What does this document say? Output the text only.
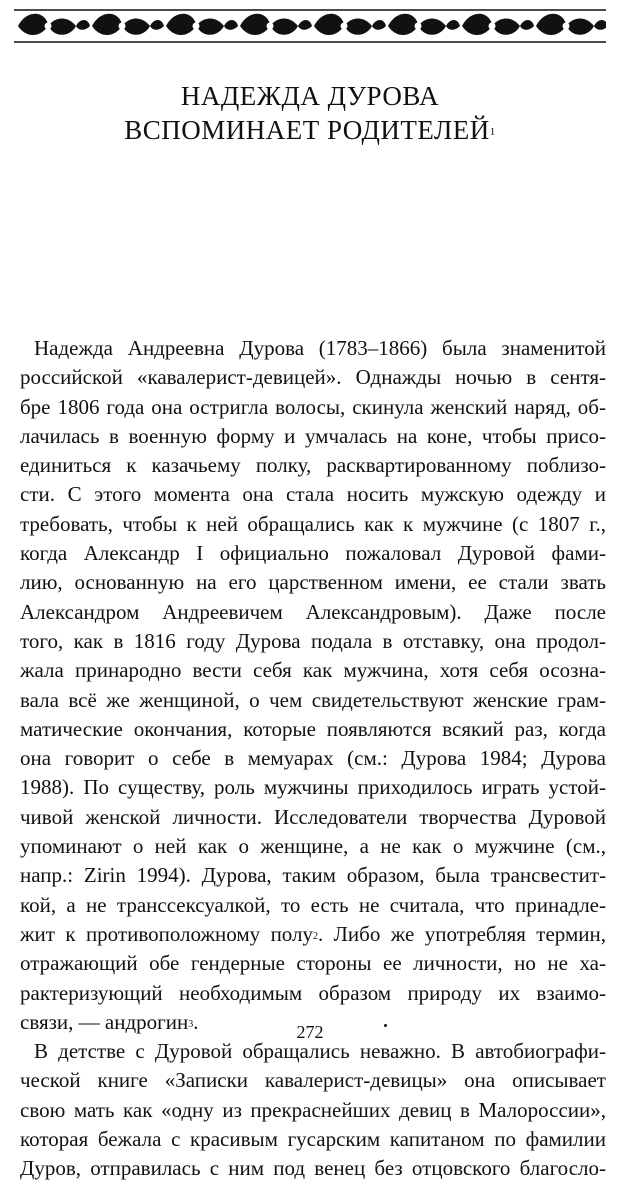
НАДЕЖДА ДУРОВА
ВСПОМИНАЕТ РОДИТЕЛЕЙ$^1$
Надежда Андреевна Дурова (1783–1866) была знаменитой
российской «кавалерист-девицей». Однажды ночью в сентя-
бре 1806 года она остригла волосы, скинула женский наряд, об-
лачилась в военную форму и умчалась на коне, чтобы присо-
единиться к казачьему полку, расквартированному поблизо-
сти. С этого момента она стала носить мужскую одежду и
требовать, чтобы к ней обращались как к мужчине (с 1807 г.,
когда Александр I официально пожаловал Дуровой фами-
лию, основанную на его царственном имени, ее стали звать
Александром Андреевичем Александровым). Даже после
того, как в 1816 году Дурова подала в отставку, она продол-
жала принародно вести себя как мужчина, хотя себя осозна-
вала всё же женщиной, о чем свидетельствуют женские грам-
матические окончания, которые появляются всякий раз, когда
она говорит о себе в мемуарах (см.: Дурова 1984; Дурова
1988). По существу, роль мужчины приходилось играть устой-
чивой женской личности. Исследователи творчества Дуровой
упоминают о ней как о женщине, а не как о мужчине (см.,
напр.: Zirin 1994). Дурова, таким образом, была трансвестит-
кой, а не транссексуалкой, то есть не считала, что принадле-
жит к противоположному полу$^2$. Либо же употребляя термин,
отражающий обе гендерные стороны ее личности, но не ха-
рактеризующий необходимым образом природу их взаимо-
связи, — андрогин$^3$.
В детстве с Дуровой обращались неважно. В автобиографи-
ческой книге «Записки кавалерист-девицы» она описывает
свою мать как «одну из прекраснейших девиц в Малороссии»,
которая бежала с красивым гусарским капитаном по фамилии
Дуров, отправилась с ним под венец без отцовского благосло-
272
